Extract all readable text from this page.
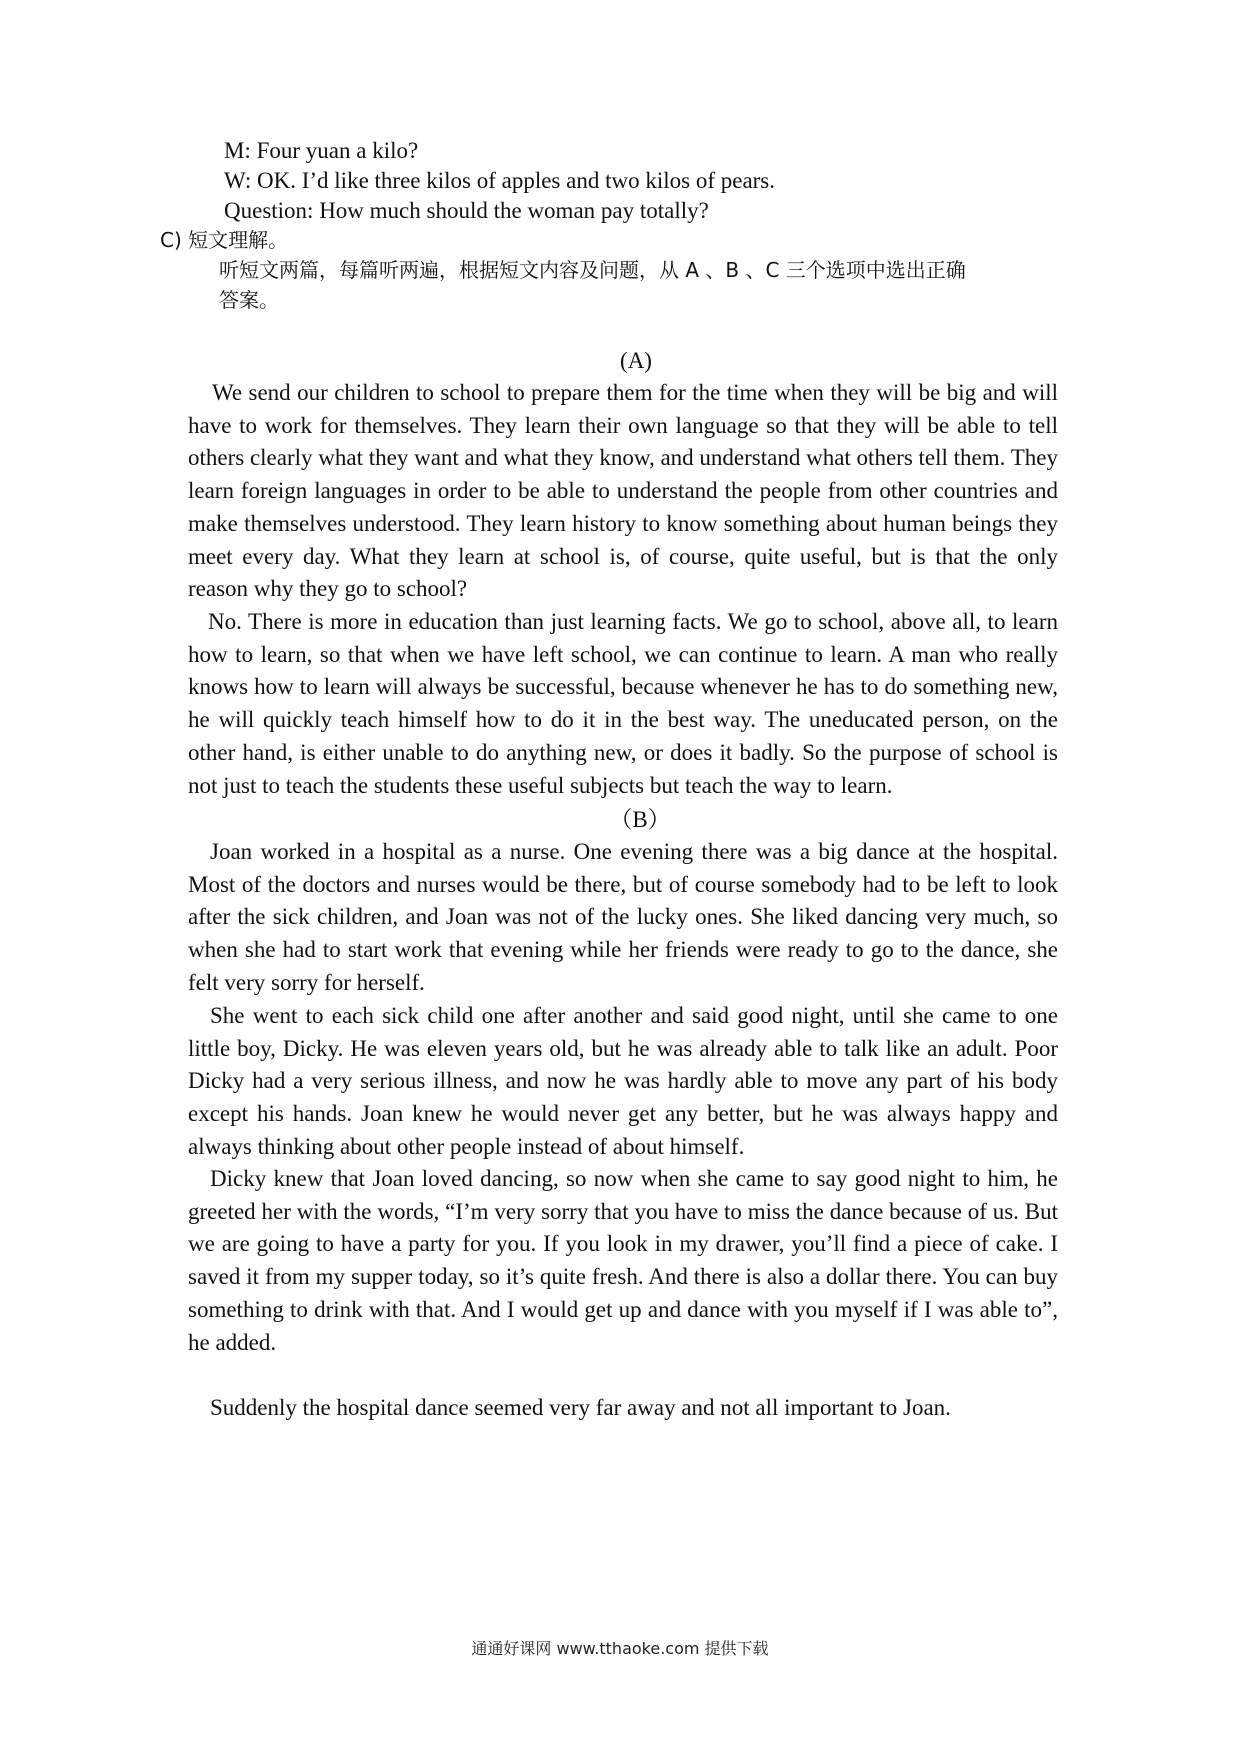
M: Four yuan a kilo?

W: OK. I’d like three kilos of apples and two kilos of pears.

Question: How much should the woman pay totally?

C) 短文理解。

听短文两篇，每篇听两遍，根据短文内容及问题，从 A 、B 、C 三个选项中选出正确

答案。

(A)

We send our children to school to prepare them for the time when they will be big and will have to work for themselves. They learn their own language so that they will be able to tell others clearly what they want and what they know, and understand what others tell them. They learn foreign languages in order to be able to understand the people from other countries and make themselves understood. They learn history to know something about human beings they meet every day. What they learn at school is, of course, quite useful, but is that the only reason why they go to school?

No. There is more in education than just learning facts. We go to school, above all, to learn how to learn, so that when we have left school, we can continue to learn. A man who really knows how to learn will always be successful, because whenever he has to do something new, he will quickly teach himself how to do it in the best way. The uneducated person, on the other hand, is either unable to do anything new, or does it badly. So the purpose of school is not just to teach the students these useful subjects but teach the way to learn.

（B）

Joan worked in a hospital as a nurse. One evening there was a big dance at the hospital. Most of the doctors and nurses would be there, but of course somebody had to be left to look after the sick children, and Joan was not of the lucky ones. She liked dancing very much, so when she had to start work that evening while her friends were ready to go to the dance, she felt very sorry for herself.

She went to each sick child one after another and said good night, until she came to one little boy, Dicky. He was eleven years old, but he was already able to talk like an adult. Poor Dicky had a very serious illness, and now he was hardly able to move any part of his body except his hands. Joan knew he would never get any better, but he was always happy and always thinking about other people instead of about himself.

Dicky knew that Joan loved dancing, so now when she came to say good night to him, he greeted her with the words, “I’m very sorry that you have to miss the dance because of us. But we are going to have a party for you. If you look in my drawer, you’ll find a piece of cake. I saved it from my supper today, so it’s quite fresh. And there is also a dollar there. You can buy something to drink with that. And I would get up and dance with you myself if I was able to”, he added.

Suddenly the hospital dance seemed very far away and not all important to Joan.

通通好课网 www.tthaoke.com 提供下载
